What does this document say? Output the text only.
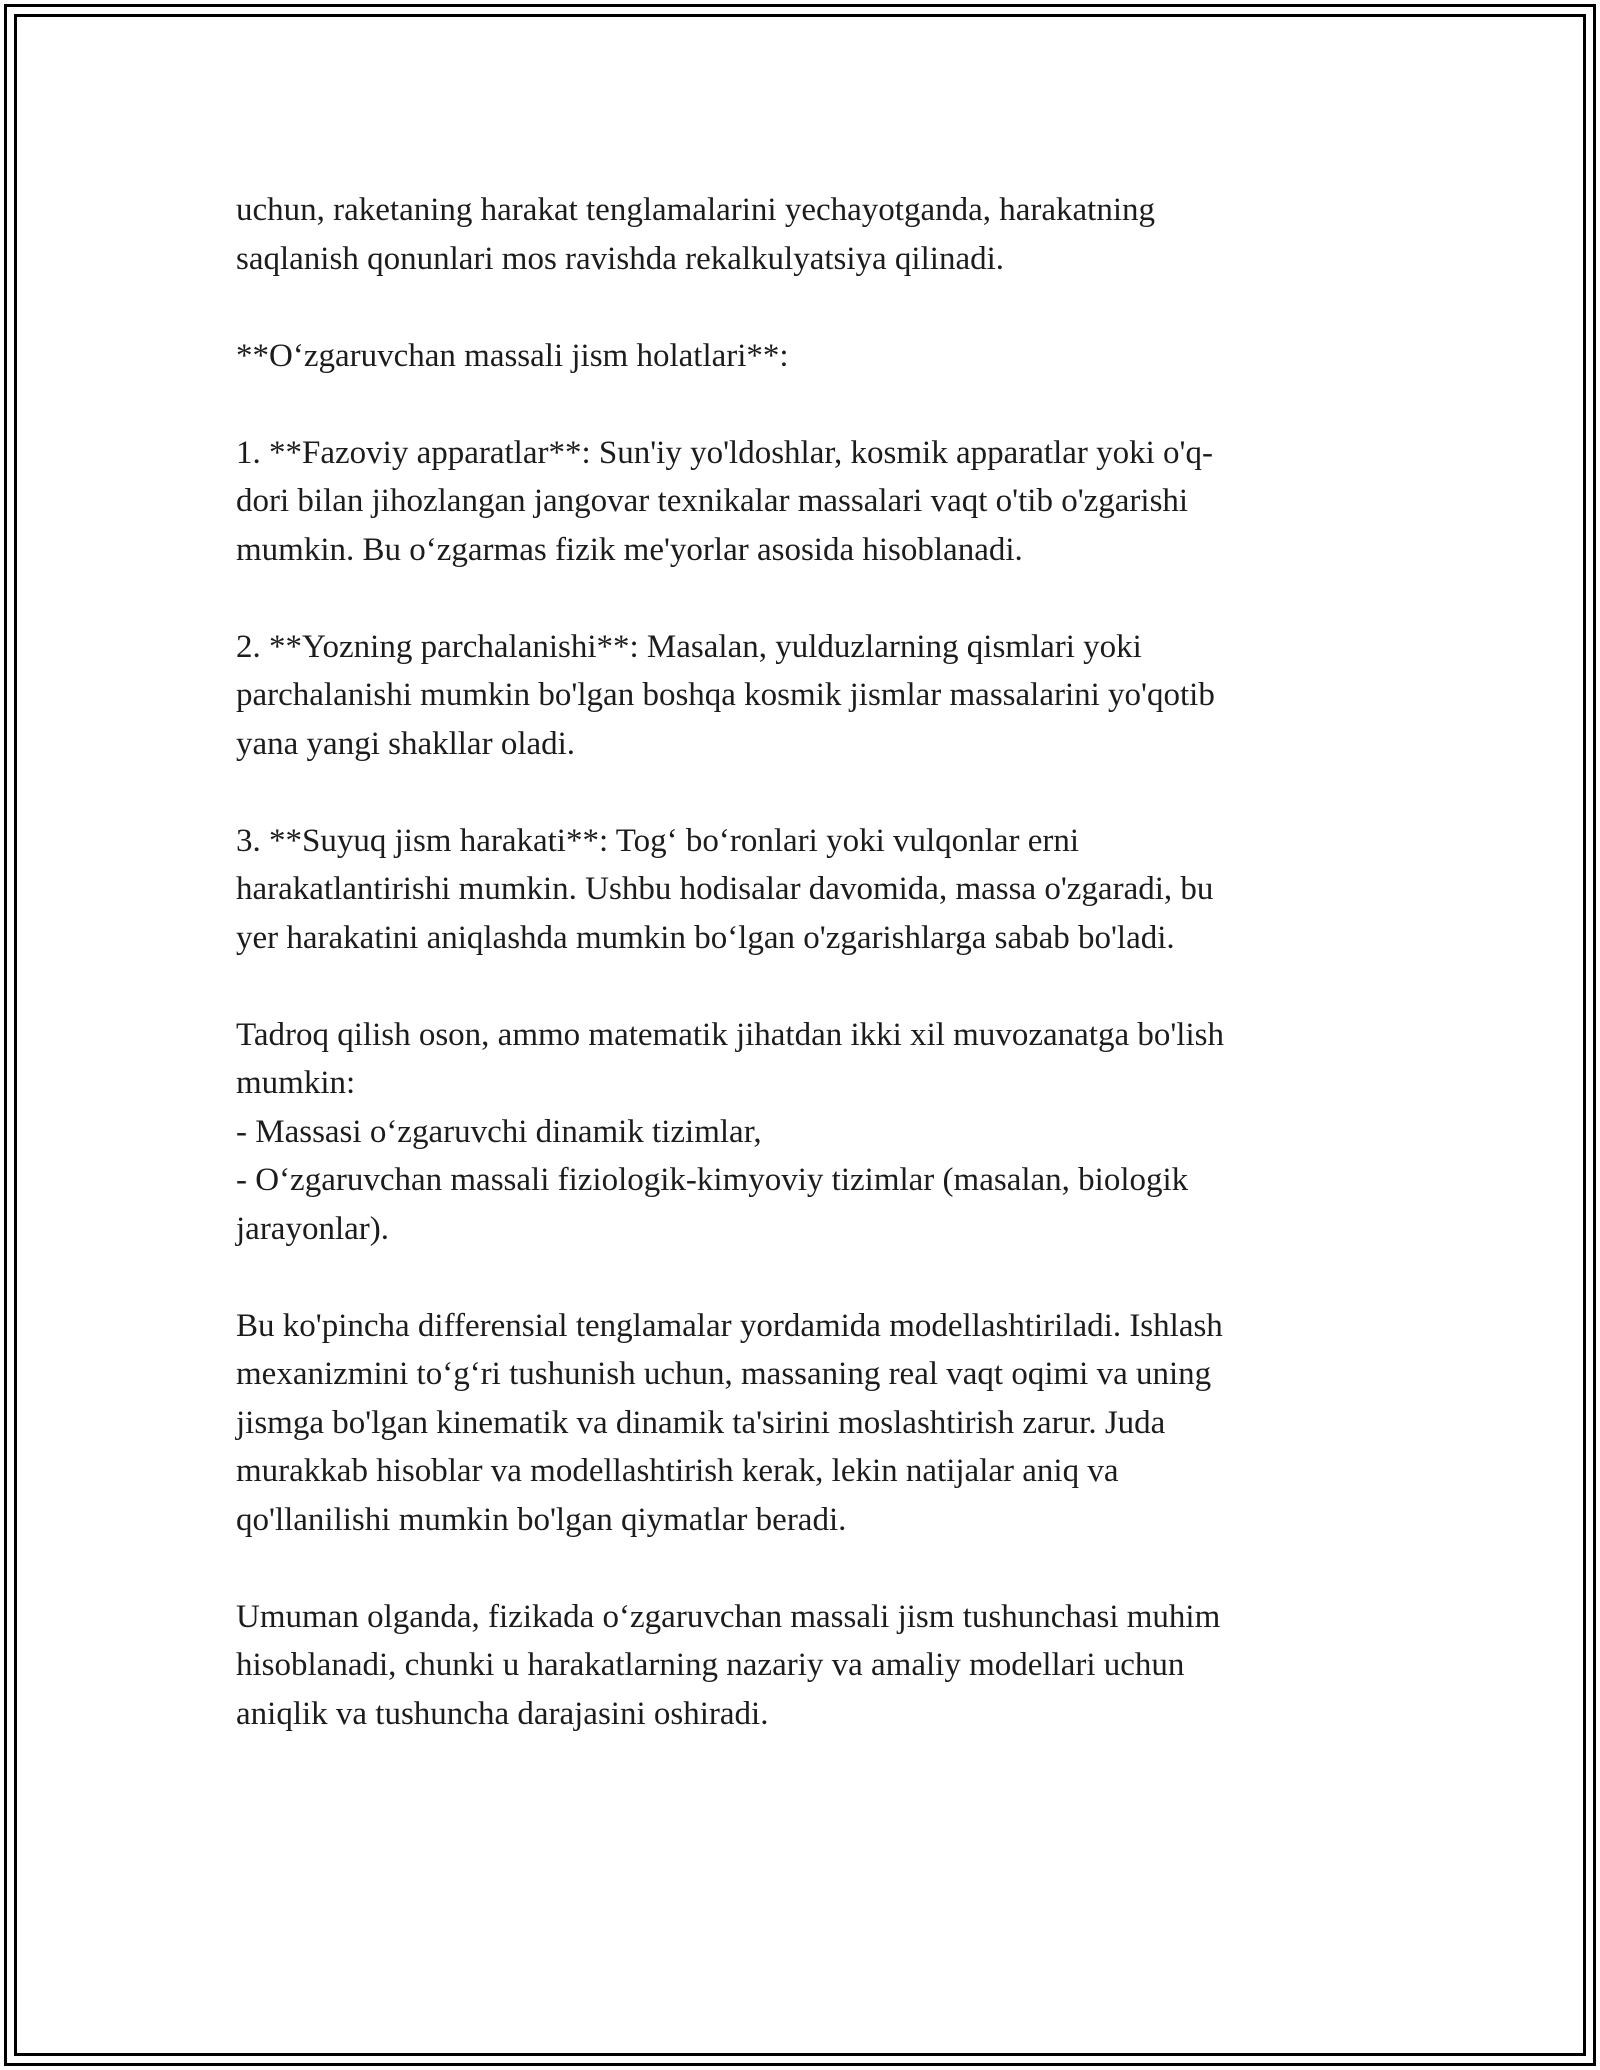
uchun, raketaning harakat tenglamalarini yechayotganda, harakatning
saqlanish qonunlari mos ravishda rekalkulyatsiya qilinadi.

**O‘zgaruvchan massali jism holatlari**:

1. **Fazoviy apparatlar**: Sun'iy yo'ldoshlar, kosmik apparatlar yoki o'q-
dori bilan jihozlangan jangovar texnikalar massalari vaqt o'tib o'zgarishi
mumkin. Bu o‘zgarmas fizik me'yorlar asosida hisoblanadi.

2. **Yozning parchalanishi**: Masalan, yulduzlarning qismlari yoki
parchalanishi mumkin bo'lgan boshqa kosmik jismlar massalarini yo'qotib
yana yangi shakllar oladi.

3. **Suyuq jism harakati**: Tog‘ bo‘ronlari yoki vulqonlar erni
harakatlantirishi mumkin. Ushbu hodisalar davomida, massa o'zgaradi, bu
yer harakatini aniqlashda mumkin bo‘lgan o'zgarishlarga sabab bo'ladi.

Tadroq qilish oson, ammo matematik jihatdan ikki xil muvozanatga bo'lish
mumkin:
- Massasi o‘zgaruvchi dinamik tizimlar,
- O‘zgaruvchan massali fiziologik-kimyoviy tizimlar (masalan, biologik
jarayonlar).

Bu ko'pincha differensial tenglamalar yordamida modellashtiriladi. Ishlash
mexanizmini to‘g‘ri tushunish uchun, massaning real vaqt oqimi va uning
jismga bo'lgan kinematik va dinamik ta'sirini moslashtirish zarur. Juda
murakkab hisoblar va modellashtirish kerak, lekin natijalar aniq va
qo'llanilishi mumkin bo'lgan qiymatlar beradi.

Umuman olganda, fizikada o‘zgaruvchan massali jism tushunchasi muhim
hisoblanadi, chunki u harakatlarning nazariy va amaliy modellari uchun
aniqlik va tushuncha darajasini oshiradi.
